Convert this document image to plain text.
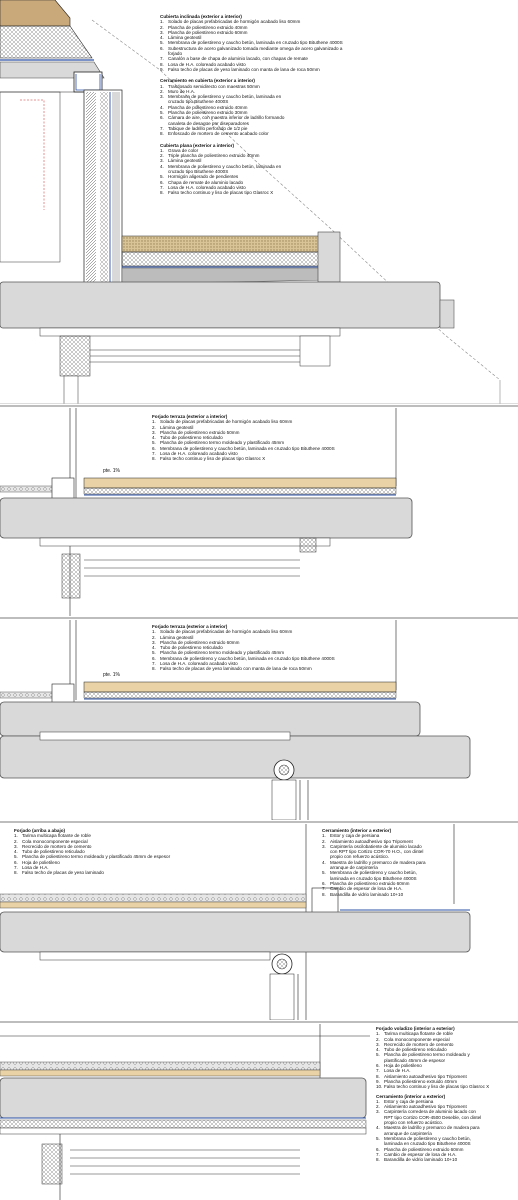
Cubierta inclinada (exterior a interior)
1. Solado de placas prefabricadas de hormigón acabado liso 60mm
2. Plancha de poliestireno extruido 40mm
3. Plancha de poliestireno extruido 60mm
4. Lámina geotextil
5. Membrana de poliestireno y caucho betún, laminada en cruzado tipo Bituthene 4000S
6. Subestructura de acero galvanizado tomada mediante omega de acero galvanizado a
forjado
7. Canalón a base de chapa de aluminio lacado, con chapas de remate
8. Losa de H.A. coloreado acabado visto
9. Falso techo de placas de yeso laminado con manta de lana de roca 50mm
Cerramiento en cubierta (exterior a interior)
1. Trasdosado semidirecto con maestras 50mm
2. Muro de H.A.
3. Membrana de poliestireno y caucho betún, laminada en
cruzado tipo Bituthene 4000S
4. Plancha de poliestireno extruido 40mm
5. Plancha de poliestireno extruido 30mm
6. Cámara de aire, con maestra inferior de ladrillo formando
canaleta de desagüe por diseparadores
7. Tabique de ladrillo perforado de 1/2 pie
8. Enfoscado de mortero de cemento acabado color
Cubierta plana (exterior a interior)
1. Grava de color
2. Triple plancha de poliestireno extruido 40mm
3. Lámina geotextil
4. Membrana de poliestireno y caucho betún, laminada en
cruzado tipo Bituthene 4000S
5. Hormigón aligerado de pendientes
6. Chapa de remate de aluminio lacado
7. Losa de H.A. coloreado acabado visto
8. Falso techo continuo y liso de placas tipo Glasroc X
pte. 1%
Forjado terraza (exterior a interior)
1. Solado de placas prefabricadas de hormigón acabado liso 60mm
2. Lámina geotextil
3. Plancha de poliestireno extruido 50mm
4. Tubo de poliestireno reticulado
5. Plancha de poliestireno termo moldeado y plastificado 45mm
6. Membrana de poliestireno y caucho betún, laminada en cruzado tipo Bituthene 4000S
7. Losa de H.A. coloreado acabado visto
8. Falso techo continuo y liso de placas tipo Glasroc X
pte. 1%
Forjado terraza (exterior a interior)
1. Solado de placas prefabricadas de hormigón acabado liso 60mm
2. Lámina geotextil
3. Plancha de poliestireno extruido 60mm
4. Tubo de poliestireno reticulado
5. Plancha de poliestireno termo moldeado y plastificado 45mm
6. Membrana de poliestireno y caucho betún, laminada en cruzado tipo Bituthene 4000S
7. Losa de H.A. coloreado acabado visto
8. Falso techo de placas de yeso laminado con manta de lana de roca 50mm
Forjado (arriba a abajo)
1. Tarima multicapa flotante de roble
2. Cola monocomponente especial
3. Recrecido de mortero de cemento
4. Tubo de poliestireno reticulado
5. Plancha de poliestireno termo moldeado y plastificado 45mm de espesor
6. Hoja de polietileno
7. Losa de H.A.
8. Falso techo de placas de yeso laminado
Cerramiento (interior a exterior)
1. Estor y caja de persiana
2. Aislamiento autoadhesivo tipo Tripoment
3. Carpintería oscilobatiente de aluminio lacado
con RPT tipo Cortizo COR-70 H.O., con dintel
propio con refuerzo acústico.
4. Maestra de ladrillo y premarco de madera para
arranque de carpintería
5. Membrana de poliestireno y caucho betún,
laminada en cruzado tipo Bituthene 4000S
6. Plancha de poliestireno extruido 60mm
7. Cambio de espesor de losa de H.A.
8. Barandilla de vidrio laminado 10+10
Forjado voladizo (interior a exterior)
1. Tarima multicapa flotante de roble
2. Cola monocomponente especial
3. Recrecido de mortero de cemento
4. Tubo de poliestireno reticulado
5. Plancha de poliestireno termo moldeado y
plastificado 45mm de espesor
6. Hoja de polietileno
7. Losa de H.A.
8. Aislamiento autoadhesivo tipo Tripoment
9. Plancha poliestireno extruido 40mm
10. Falso techo continuo y liso de placas tipo Glasroc X
Cerramiento (interior a exterior)
1. Estor y caja de persiana
2. Aislamiento autoadhesivo tipo Tripoment
3. Carpintería corredera de aluminio lacado con
RPT tipo Cortizo COR-4500 Deseble, con dintel
propio con refuerzo acústico.
4. Maestra de ladrillo y premarco de madera para
arranque de carpintería
5. Membrana de poliestireno y caucho betún,
laminada en cruzado tipo Bituthene 4000S
6. Plancha de poliestireno extruido 60mm
7. Cambio de espesor de losa de H.A.
8. Barandilla de vidrio laminado 10+10
